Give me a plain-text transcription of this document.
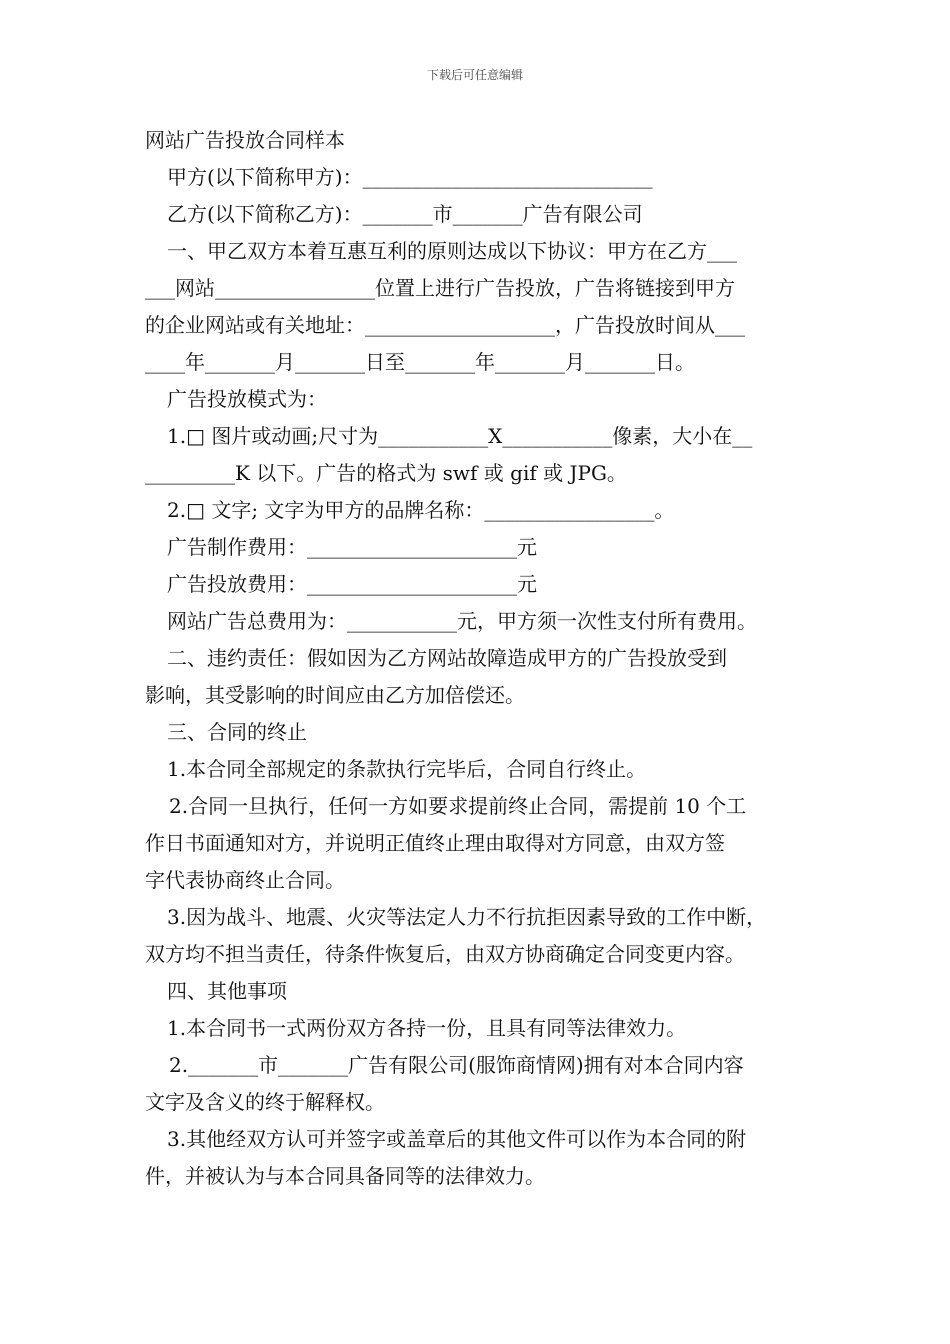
下载后可任意编辑

网站广告投放合同样本

甲方(以下简称甲方)：_____________________________

乙方(以下简称乙方)：_______市_______广告有限公司

一、甲乙双方本着互惠互利的原则达成以下协议：甲方在乙方___

___网站________________位置上进行广告投放，广告将链接到甲方

的企业网站或有关地址：___________________，广告投放时间从___

____年_______月_______日至_______年_______月_______日。

广告投放模式为：

1.□ 图片或动画;尺寸为___________X___________像素，大小在__

_________K 以下。广告的格式为 swf 或 gif 或 JPG。

2.□ 文字; 文字为甲方的品牌名称：_________________。

广告制作费用：_____________________元

广告投放费用：_____________________元

网站广告总费用为：___________元，甲方须一次性支付所有费用。

二、违约责任：假如因为乙方网站故障造成甲方的广告投放受到

影响，其受影响的时间应由乙方加倍偿还。

三、合同的终止

1.本合同全部规定的条款执行完毕后，合同自行终止。

2.合同一旦执行，任何一方如要求提前终止合同，需提前 10 个工

作日书面通知对方，并说明正值终止理由取得对方同意，由双方签

字代表协商终止合同。

3.因为战斗、地震、火灾等法定人力不行抗拒因素导致的工作中断，

双方均不担当责任，待条件恢复后，由双方协商确定合同变更内容。

四、其他事项

1.本合同书一式两份双方各持一份，且具有同等法律效力。

2._______市_______广告有限公司(服饰商情网)拥有对本合同内容

文字及含义的终于解释权。

3.其他经双方认可并签字或盖章后的其他文件可以作为本合同的附

件，并被认为与本合同具备同等的法律效力。
